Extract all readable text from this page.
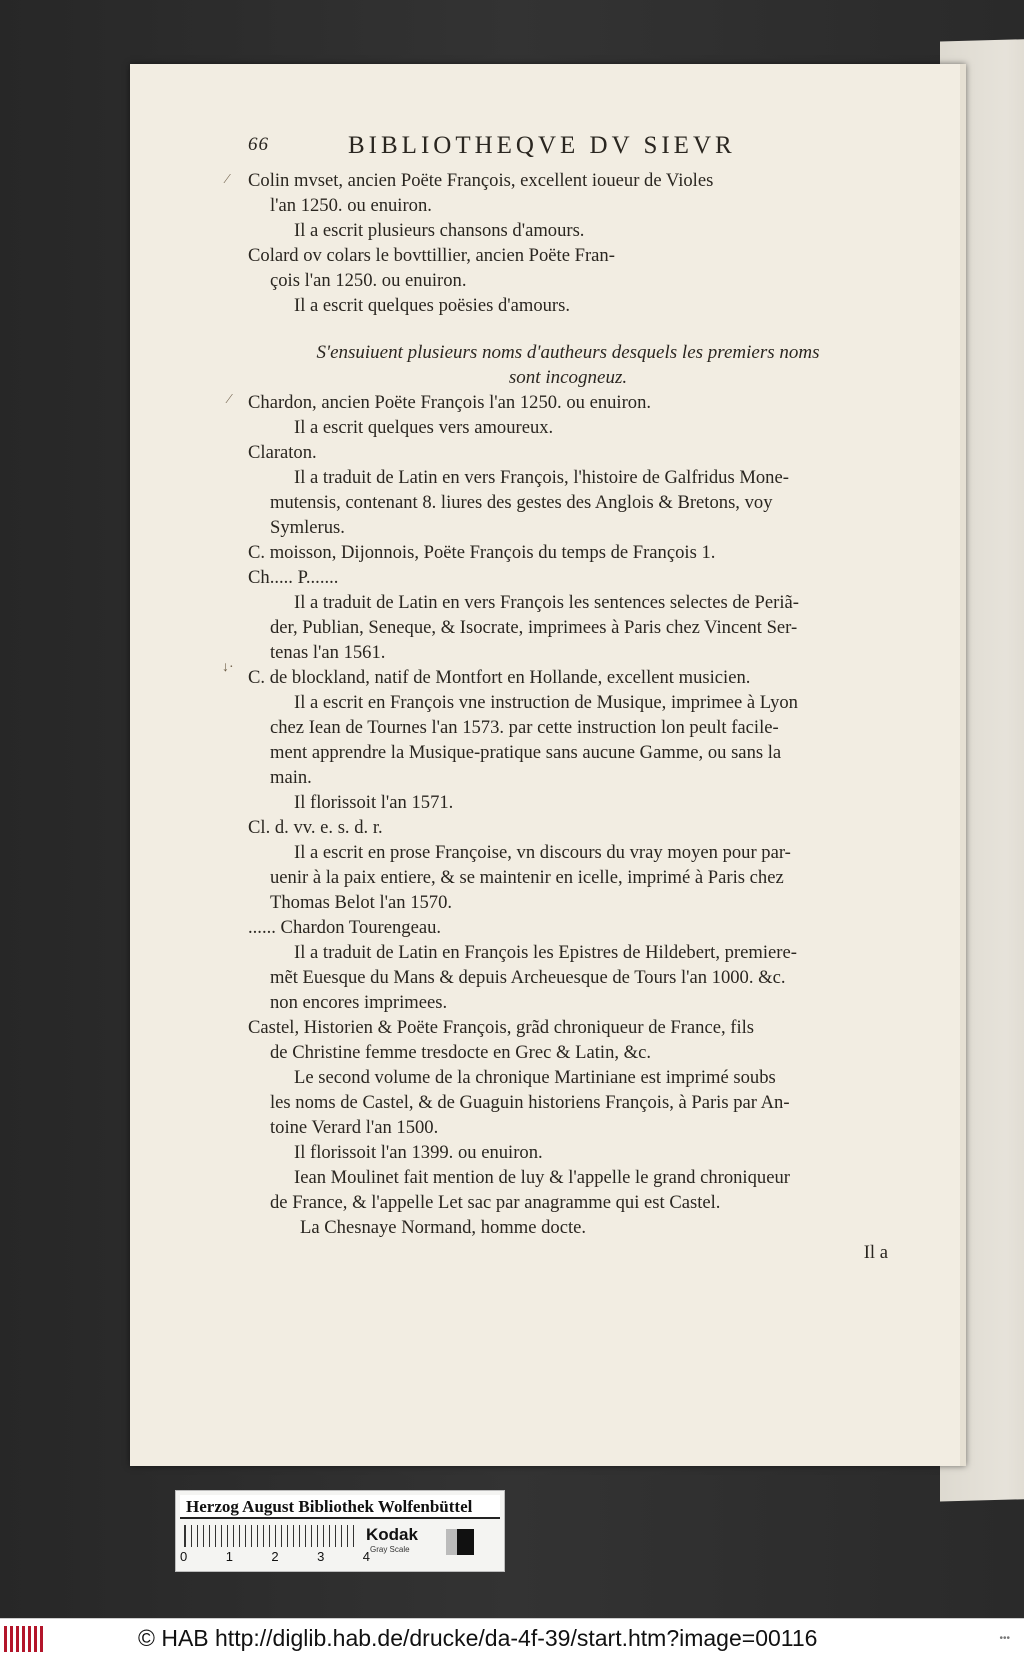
66	BIBLIOTHEQVE DV SIEVR
⁄
⁄
↓·
Colin mvset, ancien Poëte François, excellent ioueur de Violes
l'an 1250. ou enuiron.
Il a escrit plusieurs chansons d'amours.
Colard ov colars le bovttillier, ancien Poëte Fran-
çois l'an 1250. ou enuiron.
Il a escrit quelques poësies d'amours.
S'ensuiuent plusieurs noms d'autheurs desquels les premiers noms
sont incogneuz.
Chardon, ancien Poëte François l'an 1250. ou enuiron.
Il a escrit quelques vers amoureux.
Claraton.
Il a traduit de Latin en vers François, l'histoire de Galfridus Mone-
mutensis, contenant 8. liures des gestes des Anglois & Bretons, voy
Symlerus.
C. moisson, Dijonnois, Poëte François du temps de François 1.
Ch..... P.......
Il a traduit de Latin en vers François les sentences selectes de Periã-
der, Publian, Seneque, & Isocrate, imprimees à Paris chez Vincent Ser-
tenas l'an 1561.
C. de blockland, natif de Montfort en Hollande, excellent musicien.
Il a escrit en François vne instruction de Musique, imprimee à Lyon
chez Iean de Tournes l'an 1573. par cette instruction lon peult facile-
ment apprendre la Musique-pratique sans aucune Gamme, ou sans la
main.
Il florissoit l'an 1571.
Cl. d. vv. e. s. d. r.
Il a escrit en prose Françoise, vn discours du vray moyen pour par-
uenir à la paix entiere, & se maintenir en icelle, imprimé à Paris chez
Thomas Belot l'an 1570.
...... Chardon Tourengeau.
Il a traduit de Latin en François les Epistres de Hildebert, premiere-
mẽt Euesque du Mans & depuis Archeuesque de Tours l'an 1000. &c.
non encores imprimees.
Castel, Historien & Poëte François, grãd chroniqueur de France, fils
de Christine femme tresdocte en Grec & Latin, &c.
Le second volume de la chronique Martiniane est imprimé soubs
les noms de Castel, & de Guaguin historiens François, à Paris par An-
toine Verard l'an 1500.
Il florissoit l'an 1399. ou enuiron.
Iean Moulinet fait mention de luy & l'appelle le grand chroniqueur
de France, & l'appelle Let sac par anagramme qui est Castel.
La Chesnaye Normand, homme docte.
Il a
Herzog August Bibliothek Wolfenbüttel
0	1	2	3	4
Kodak
Gray Scale
© HAB http://diglib.hab.de/drucke/da-4f-39/start.htm?image=00116	•••
